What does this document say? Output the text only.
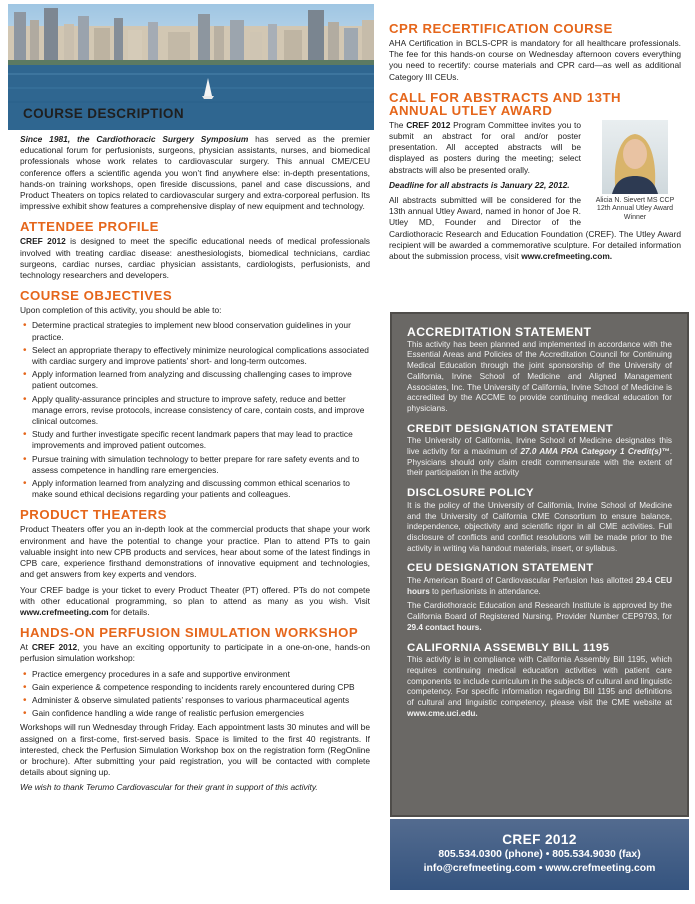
COURSE DESCRIPTION

Since 1981, the Cardiothoracic Surgery Symposium has served as the premier educational forum for perfusionists, surgeons, physician assistants, nurses, and biomedical professionals whose work relates to cardiovascular surgery. This annual CME/CEU conference offers a scientific agenda you won’t find anywhere else: in-depth presentations, hands-on training workshops, open fireside discussions, panel and case discussions, and Product Theaters on topics related to cardiovascular surgery and extra-corporeal perfusion. Its impressive exhibit show features a comprehensive display of new equipment and technology.

ATTENDEE PROFILE

CREF 2012 is designed to meet the specific educational needs of medical professionals involved with treating cardiac disease: anesthesiologists, biomedical technicians, cardiac surgeons, cardiac nurses, cardiac physician assistants, cardiologists, perfusionists, and technology researchers and developers.

COURSE OBJECTIVES

Upon completion of this activity, you should be able to:

• Determine practical strategies to implement new blood conservation guidelines in your practice.
• Select an appropriate therapy to effectively minimize neurological complications associated with cardiac surgery and improve patients’ short- and long-term outcomes.
• Apply information learned from analyzing and discussing challenging cases to improve patient outcomes.
• Apply quality-assurance principles and structure to improve safety, reduce and better manage errors, revise protocols, increase consistency of care, contain costs, and improve clinical outcomes.
• Study and further investigate specific recent landmark papers that may lead to practice improvements and improved patient outcomes.
• Pursue training with simulation technology to better prepare for rare safety events and to assess competence in handling rare emergencies.
• Apply information learned from analyzing and discussing common ethical scenarios to make sound ethical decisions regarding your patients and colleagues.
PRODUCT THEATERS

Product Theaters offer you an in-depth look at the commercial products that shape your work environment and have the potential to change your practice. Plan to attend PTs to gain valuable insight into new CPB products and services, hear about some of the latest findings in CPB care, experience firsthand demonstrations of innovative equipment and technologies, and get answers from key experts and vendors.

Your CREF badge is your ticket to every Product Theater (PT) offered. PTs do not compete with other educational programming, so plan to attend as many as you wish. Visit www.crefmeeting.com for details.

HANDS-ON PERFUSION SIMULATION WORKSHOP

At CREF 2012, you have an exciting opportunity to participate in a one-on-one, hands-on perfusion simulation workshop:

• Practice emergency procedures in a safe and supportive environment
• Gain experience & competence responding to incidents rarely encountered during CPB
• Administer & observe simulated patients’ responses to various pharmaceutical agents
• Gain confidence handling a wide range of realistic perfusion emergencies

Workshops will run Wednesday through Friday. Each appointment lasts 30 minutes and will be assigned on a first-come, first-served basis. Space is limited to the first 40 registrants. If interested, check the Perfusion Simulation Workshop box on the registration form (RegOnline or brochure). After submitting your paid registration, you will be contacted with complete details about signing up.

We wish to thank Terumo Cardiovascular for their grant in support of this activity.

CPR RECERTIFICATION COURSE

AHA Certification in BCLS-CPR is mandatory for all healthcare professionals. The fee for this hands-on course on Wednesday afternoon covers everything you need to recertify: course materials and CPR card—as well as additional Category III CEUs.

CALL FOR ABSTRACTS AND 13TH ANNUAL UTLEY AWARD
Alicia N. Sievert MS CCP 12th Annual Utley Award Winner

The CREF 2012 Program Committee invites you to submit an abstract for oral and/or poster presentation. All accepted abstracts will be displayed as posters during the meeting; select abstracts will also be presented orally.

Deadline for all abstracts is January 22, 2012.

All abstracts submitted will be considered for the 13th annual Utley Award, named in honor of Joe R. Utley MD, Founder and Director of the Cardiothoracic Research and Education Foundation (CREF). The Utley Award recipient will be awarded a commemorative sculpture. For detailed information about the submission process, visit www.crefmeeting.com.

ACCREDITATION STATEMENT

This activity has been planned and implemented in accordance with the Essential Areas and Policies of the Accreditation Council for Continuing Medical Education through the joint sponsorship of the University of California, Irvine School of Medicine and Aligned Management Associates, Inc. The University of California, Irvine School of Medicine is accredited by the ACCME to provide continuing medical education for physicians.

CREDIT DESIGNATION STATEMENT

The University of California, Irvine School of Medicine designates this live activity for a maximum of 27.0 AMA PRA Category 1 Credit(s)™. Physicians should only claim credit commensurate with the extent of their participation in the activity

DISCLOSURE POLICY

It is the policy of the University of California, Irvine School of Medicine and the University of California CME Consortium to ensure balance, independence, objectivity and scientific rigor in all CME activities. Full disclosure of conflicts and conflict resolutions will be made prior to the activity in writing via handout materials, insert, or syllabus.

CEU DESIGNATION STATEMENT

The American Board of Cardiovascular Perfusion has allotted 29.4 CEU hours to perfusionists in attendance.

The Cardiothoracic Education and Research Institute is approved by the California Board of Registered Nursing, Provider Number CEP9793, for 29.4 contact hours.

CALIFORNIA ASSEMBLY BILL 1195

This activity is in compliance with California Assembly Bill 1195, which requires continuing medical education activities with patient care components to include curriculum in the subjects of cultural and linguistic competency. For specific information regarding Bill 1195 and definitions of cultural and linguistic competency, please visit the CME website at www.cme.uci.edu.

CREF 2012
805.534.0300 (phone) • 805.534.9030 (fax)
info@crefmeeting.com • www.crefmeeting.com
